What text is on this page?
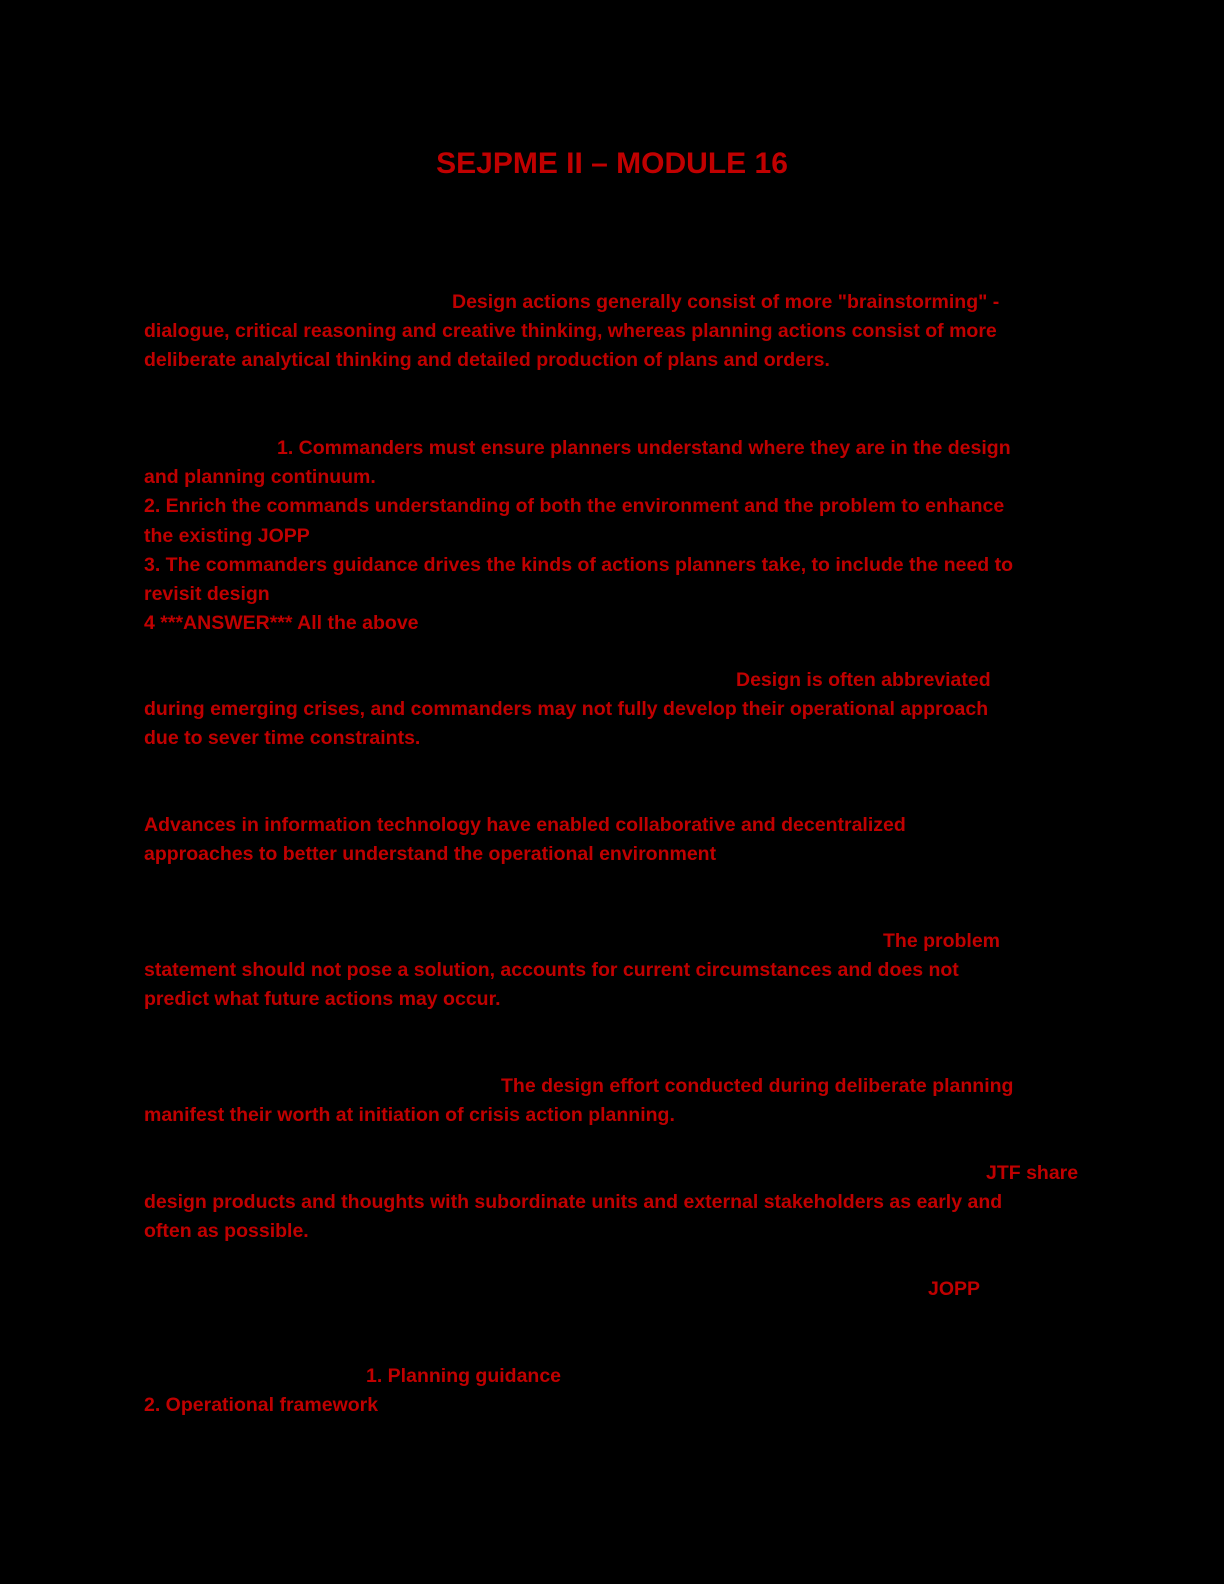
SEJPME II – MODULE 16
Design actions generally consist of more "brainstorming" -
dialogue, critical reasoning and creative thinking, whereas planning actions consist of more
deliberate analytical thinking and detailed production of plans and orders.
1. Commanders must ensure planners understand where they are in the design
and planning continuum.
2. Enrich the commands understanding of both the environment and the problem to enhance
the existing JOPP
3. The commanders guidance drives the kinds of actions planners take, to include the need to
revisit design
4 ***ANSWER*** All the above
Design is often abbreviated
during emerging crises, and commanders may not fully develop their operational approach
due to sever time constraints.
Advances in information technology have enabled collaborative and decentralized
approaches to better understand the operational environment
The problem
statement should not pose a solution, accounts for current circumstances and does not
predict what future actions may occur.
The design effort conducted during deliberate planning
manifest their worth at initiation of crisis action planning.
JTF share
design products and thoughts with subordinate units and external stakeholders as early and
often as possible.
JOPP
1. Planning guidance
2. Operational framework
